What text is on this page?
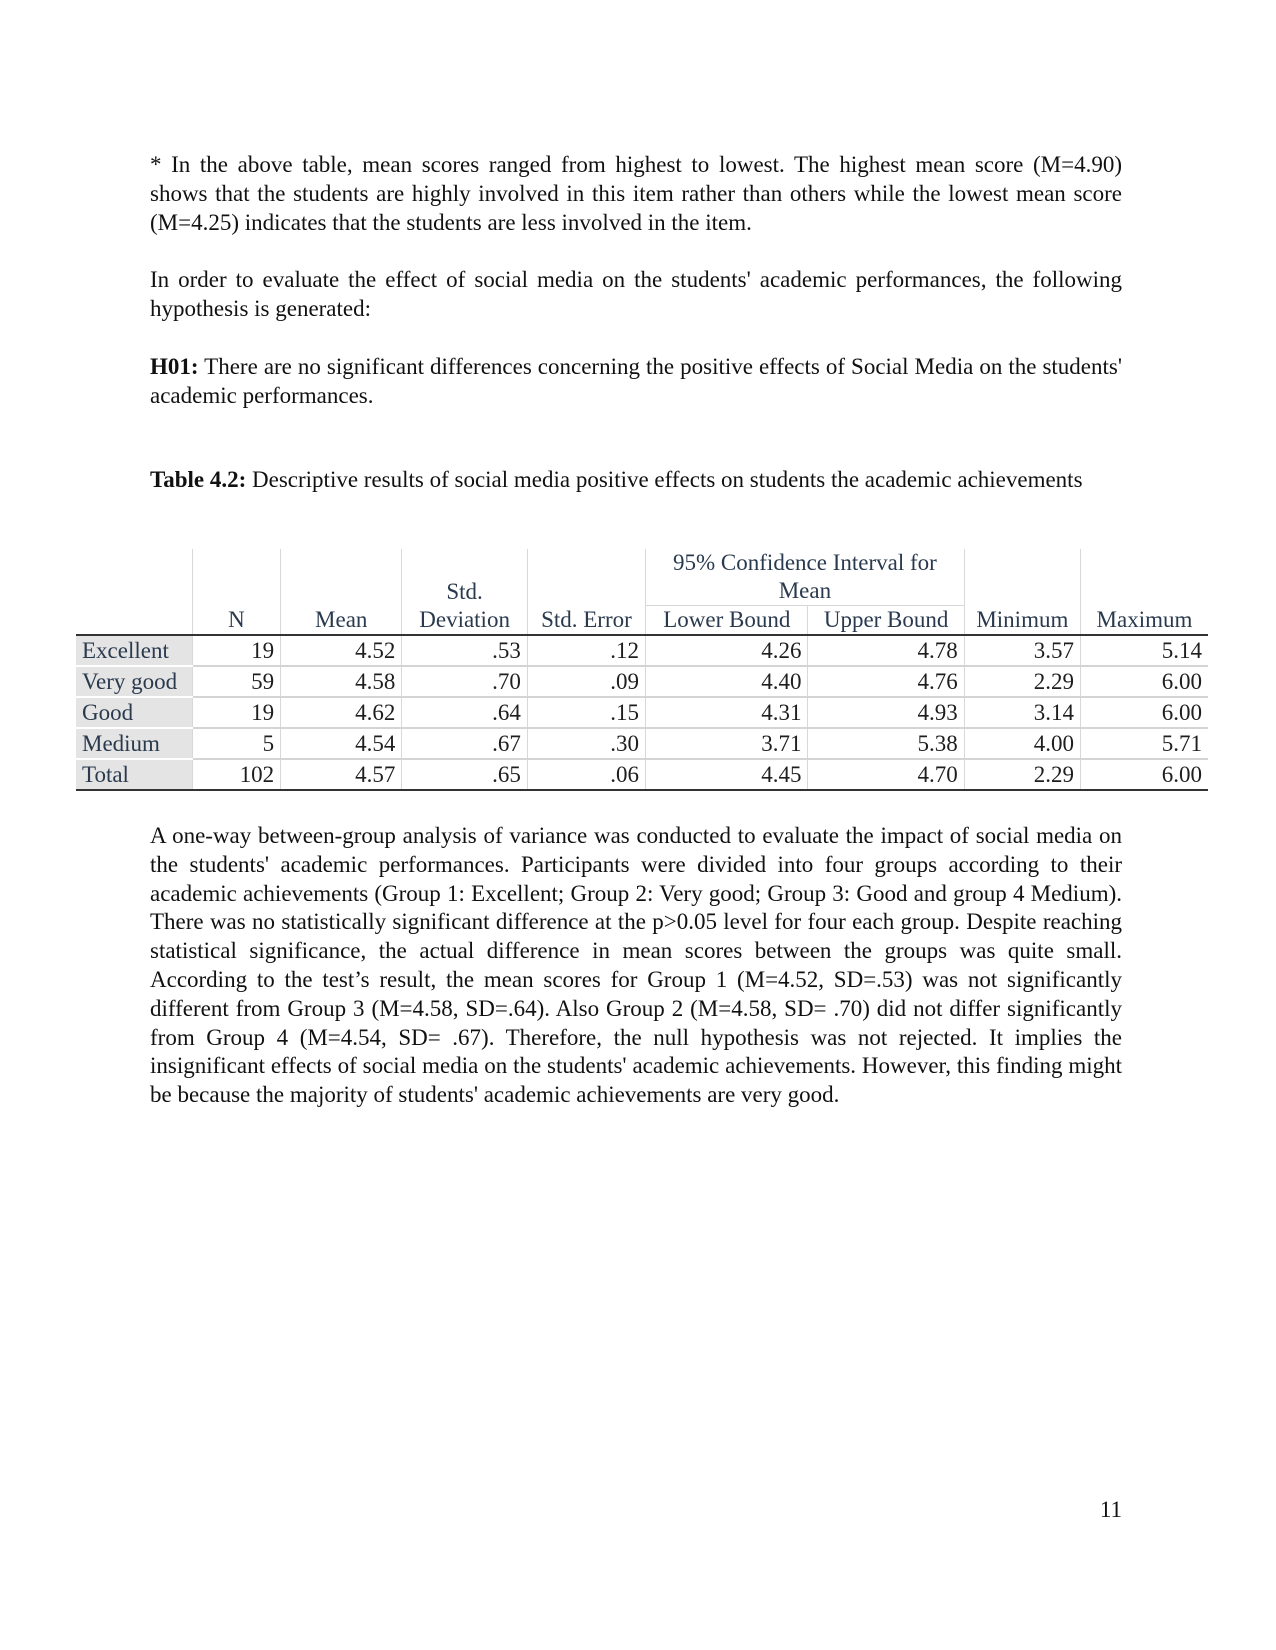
* In the above table, mean scores ranged from highest to lowest. The highest mean score (M=4.90) shows that the students are highly involved in this item rather than others while the lowest mean score (M=4.25) indicates that the students are less involved in the item.

In order to evaluate the effect of social media on the students' academic performances, the following hypothesis is generated:

H01: There are no significant differences concerning the positive effects of Social Media on the students' academic performances.

Table 4.2: Descriptive results of social media positive effects on students the academic achievements

			Std.		95% Confidence Interval for
Mean			
	N	Mean	Deviation	Std. Error	Lower Bound	Upper Bound	Minimum	Maximum
Excellent	19	4.52	.53	.12	4.26	4.78	3.57	5.14
Very good	59	4.58	.70	.09	4.40	4.76	2.29	6.00
Good	19	4.62	.64	.15	4.31	4.93	3.14	6.00
Medium	5	4.54	.67	.30	3.71	5.38	4.00	5.71
Total	102	4.57	.65	.06	4.45	4.70	2.29	6.00

A one-way between-group analysis of variance was conducted to evaluate the impact of social media on the students' academic performances. Participants were divided into four groups according to their academic achievements (Group 1: Excellent; Group 2: Very good; Group 3: Good and group 4 Medium). There was no statistically significant difference at the p>0.05 level for four each group. Despite reaching statistical significance, the actual difference in mean scores between the groups was quite small. According to the test’s result, the mean scores for Group 1 (M=4.52, SD=.53) was not significantly different from Group 3 (M=4.58, SD=.64). Also Group 2 (M=4.58, SD= .70) did not differ significantly from Group 4 (M=4.54, SD= .67). Therefore, the null hypothesis was not rejected. It implies the insignificant effects of social media on the students' academic achievements. However, this finding might be because the majority of students' academic achievements are very good.

11
